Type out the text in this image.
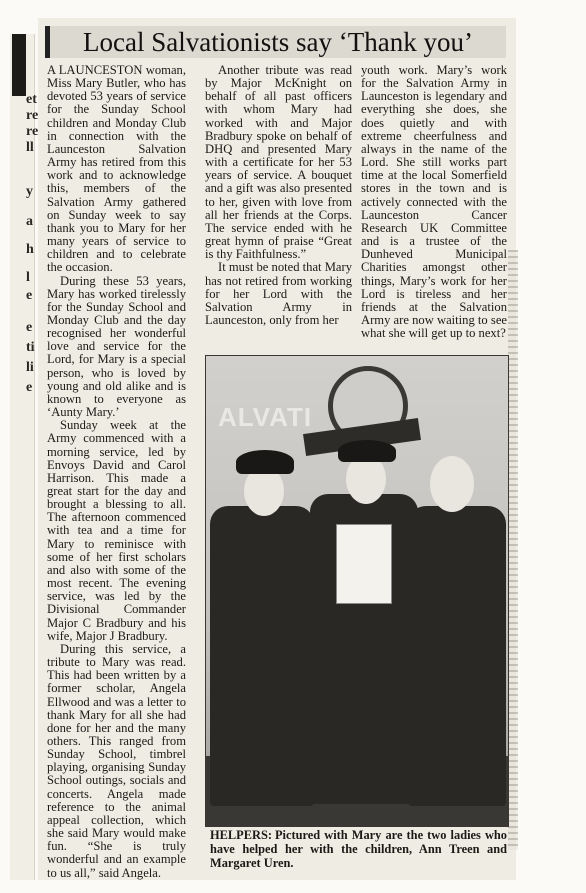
et
re
re
ll
y
a
h
l
e
e
ti
li
e
Local Salvationists say ‘Thank you’

A LAUNCESTON woman, Miss Mary Butler, who has devoted 53 years of service for the Sunday School children and Monday Club in connection with the Launceston Salvation Army has retired from this work and to acknowledge this, members of the Salvation Army gathered on Sunday week to say thank you to Mary for her many years of service to children and to celebrate the occasion.

During these 53 years, Mary has worked tirelessly for the Sunday School and Monday Club and the day recognised her wonderful love and service for the Lord, for Mary is a special person, who is loved by young and old alike and is known to everyone as ‘Aunty Mary.’

Sunday week at the Army commenced with a morning service, led by Envoys David and Carol Harrison. This made a great start for the day and brought a blessing to all. The afternoon commenced with tea and a time for Mary to reminisce with some of her first scholars and also with some of the most recent. The evening service, was led by the Divisional Commander Major C Bradbury and his wife, Major J Bradbury.

During this service, a tribute to Mary was read. This had been written by a former scholar, Angela Ellwood and was a letter to thank Mary for all she had done for her and the many others. This ranged from Sunday School, timbrel playing, organising Sunday School outings, socials and concerts. Angela made reference to the animal appeal collection, which she said Mary would make fun. “She is truly wonderful and an example to us all,” said Angela.

Another tribute was read by Major McKnight on behalf of all past officers with whom Mary had worked with and Major Bradbury spoke on behalf of DHQ and presented Mary with a certificate for her 53 years of service. A bouquet and a gift was also presented to her, given with love from all her friends at the Corps. The service ended with he great hymn of praise “Great is thy Faithfulness.”

It must be noted that Mary has not retired from working for her Lord with the Salvation Army in Launceston, only from her

youth work. Mary’s work for the Salvation Army in Launceston is legendary and everything she does, she does quietly and with extreme cheerfulness and always in the name of the Lord. She still works part time at the local Somerfield stores in the town and is actively connected with the Launceston Cancer Research UK Committee and is a trustee of the Dunheved Municipal Charities amongst other things, Mary’s work for her Lord is tireless and her friends at the Salvation Army are now waiting to see what she will get up to next?

ALVATI
HELPERS: Pictured with Mary are the two ladies who have helped her with the children, Ann Treen and Margaret Uren.
